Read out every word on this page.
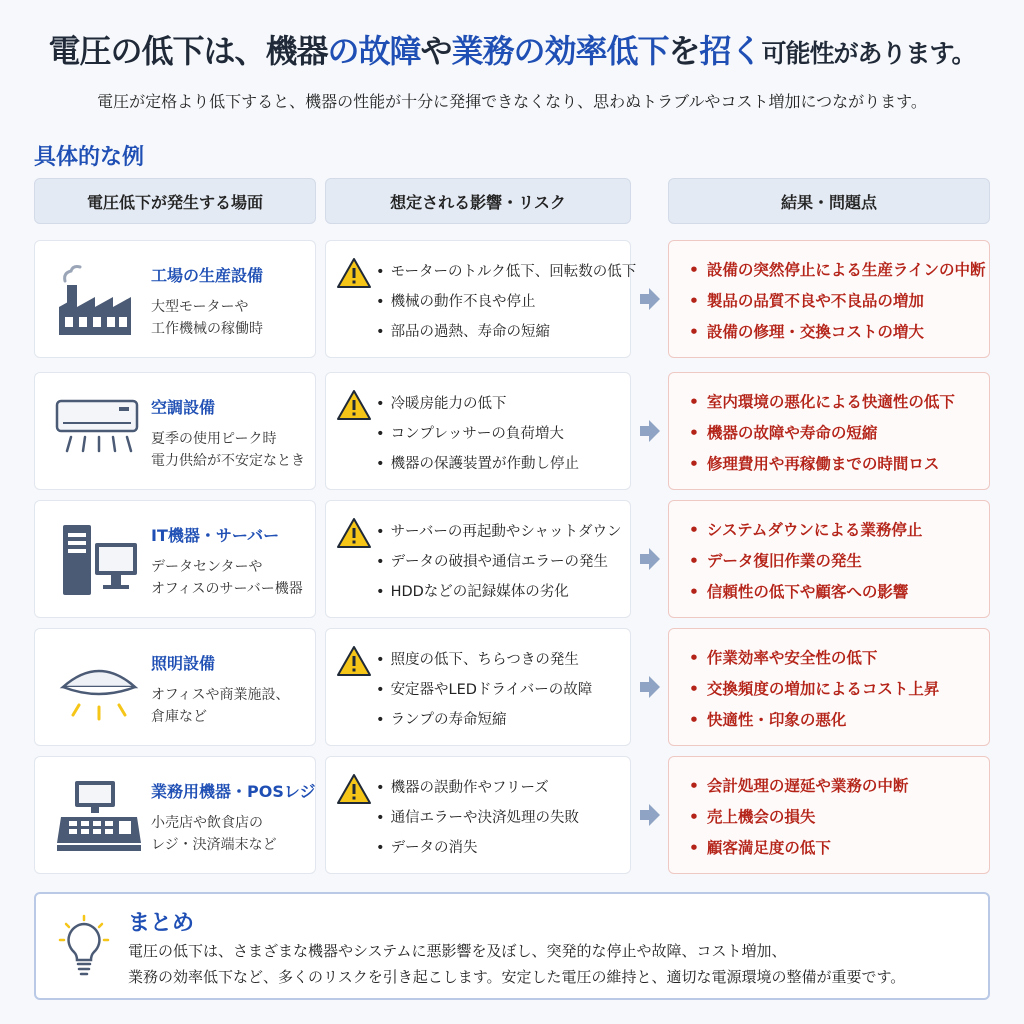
電圧の低下は、機器の故障や業務の効率低下を招く可能性があります。
電圧が定格より低下すると、機器の性能が十分に発揮できなくなり、思わぬトラブルやコスト増加につながります。
具体的な例
電圧低下が発生する場面	想定される影響・リスク	結果・問題点
工場の生産設備
大型モーターや
工作機械の稼働時
• モーターのトルク低下、回転数の低下
• 機械の動作不良や停止
• 部品の過熱、寿命の短縮
• 設備の突然停止による生産ラインの中断
• 製品の品質不良や不良品の増加
• 設備の修理・交換コストの増大
空調設備
夏季の使用ピーク時
電力供給が不安定なとき
• 冷暖房能力の低下
• コンプレッサーの負荷増大
• 機器の保護装置が作動し停止
• 室内環境の悪化による快適性の低下
• 機器の故障や寿命の短縮
• 修理費用や再稼働までの時間ロス
IT機器・サーバー
データセンターや
オフィスのサーバー機器
• サーバーの再起動やシャットダウン
• データの破損や通信エラーの発生
• HDDなどの記録媒体の劣化
• システムダウンによる業務停止
• データ復旧作業の発生
• 信頼性の低下や顧客への影響
照明設備
オフィスや商業施設、
倉庫など
• 照度の低下、ちらつきの発生
• 安定器やLEDドライバーの故障
• ランプの寿命短縮
• 作業効率や安全性の低下
• 交換頻度の増加によるコスト上昇
• 快適性・印象の悪化
業務用機器・POSレジ
小売店や飲食店の
レジ・決済端末など
• 機器の誤動作やフリーズ
• 通信エラーや決済処理の失敗
• データの消失
• 会計処理の遅延や業務の中断
• 売上機会の損失
• 顧客満足度の低下
まとめ
電圧の低下は、さまざまな機器やシステムに悪影響を及ぼし、突発的な停止や故障、コスト増加、
業務の効率低下など、多くのリスクを引き起こします。安定した電圧の維持と、適切な電源環境の整備が重要です。
